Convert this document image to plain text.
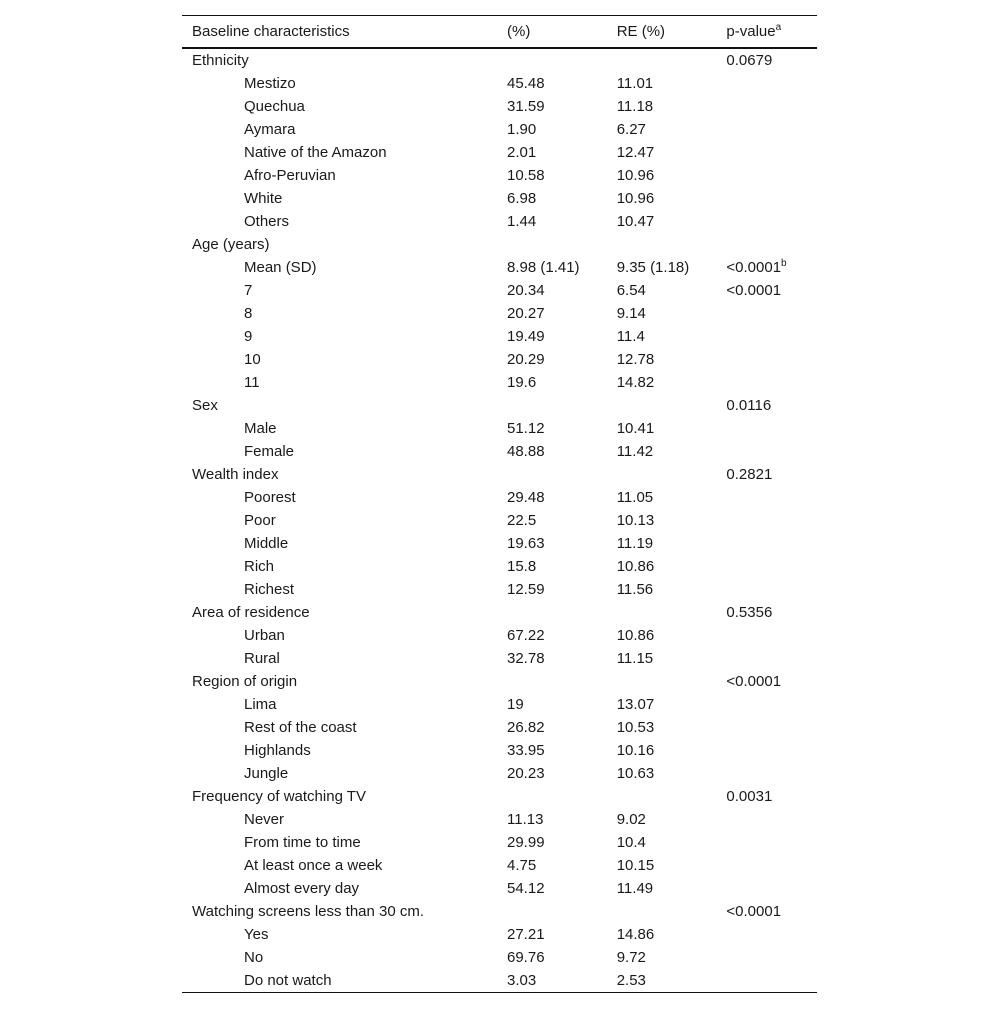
Baseline characteristics	(%)	RE (%)	p-value$^a$
Ethnicity			0.0679
Mestizo	45.48	11.01	
Quechua	31.59	11.18	
Aymara	1.90	6.27	
Native of the Amazon	2.01	12.47	
Afro-Peruvian	10.58	10.96	
White	6.98	10.96	
Others	1.44	10.47	
Age (years)			
Mean (SD)	8.98 (1.41)	9.35 (1.18)	<0.0001$^b$
7	20.34	6.54	<0.0001
8	20.27	9.14	
9	19.49	11.4	
10	20.29	12.78	
11	19.6	14.82	
Sex			0.0116
Male	51.12	10.41	
Female	48.88	11.42	
Wealth index			0.2821
Poorest	29.48	11.05	
Poor	22.5	10.13	
Middle	19.63	11.19	
Rich	15.8	10.86	
Richest	12.59	11.56	
Area of residence			0.5356
Urban	67.22	10.86	
Rural	32.78	11.15	
Region of origin			<0.0001
Lima	19	13.07	
Rest of the coast	26.82	10.53	
Highlands	33.95	10.16	
Jungle	20.23	10.63	
Frequency of watching TV			0.0031
Never	11.13	9.02	
From time to time	29.99	10.4	
At least once a week	4.75	10.15	
Almost every day	54.12	11.49	
Watching screens less than 30 cm.			<0.0001
Yes	27.21	14.86	
No	69.76	9.72	
Do not watch	3.03	2.53	
